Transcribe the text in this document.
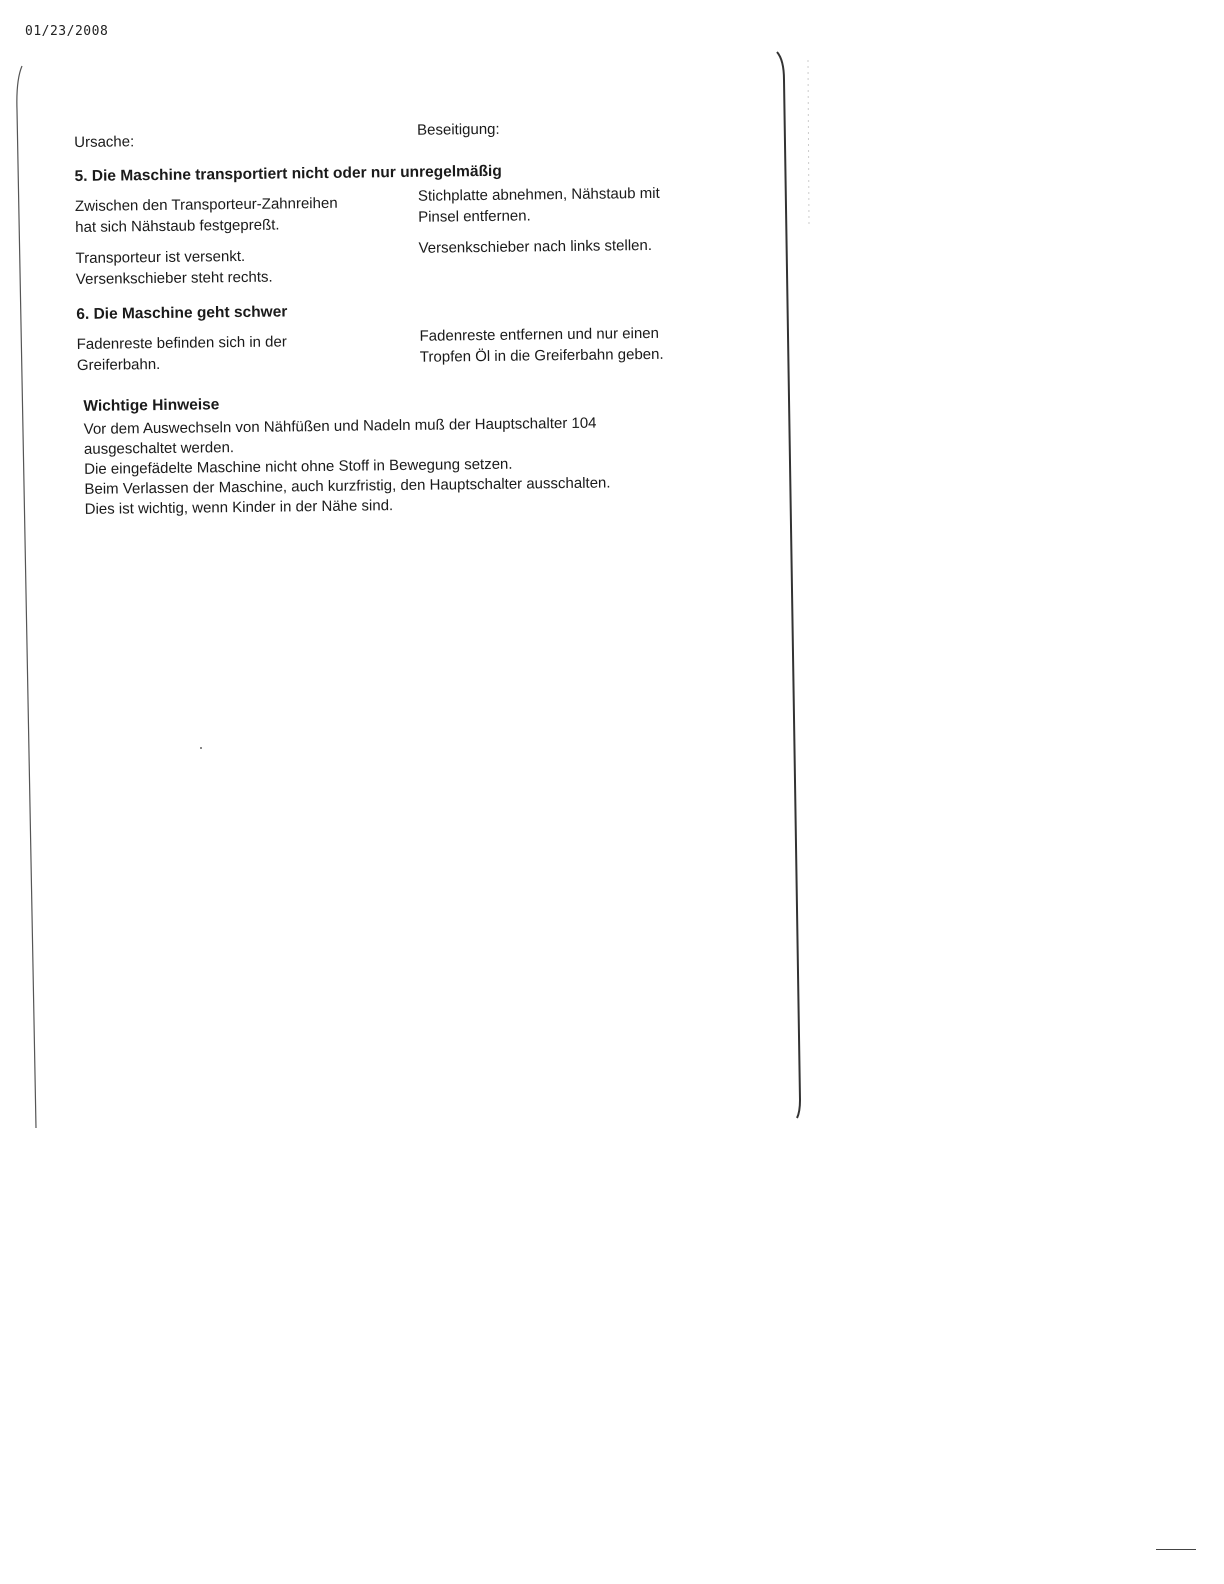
01/23/2008
Ursache:
Beseitigung:
5. Die Maschine transportiert nicht oder nur unregelmäßig
Zwischen den Transporteur-Zahnreihen
hat sich Nähstaub festgepreßt.
Stichplatte abnehmen, Nähstaub mit
Pinsel entfernen.
Transporteur ist versenkt.
Versenkschieber steht rechts.
Versenkschieber nach links stellen.
6. Die Maschine geht schwer
Fadenreste befinden sich in der
Greiferbahn.
Fadenreste entfernen und nur einen
Tropfen Öl in die Greiferbahn geben.
Wichtige Hinweise
Vor dem Auswechseln von Nähfüßen und Nadeln muß der Hauptschalter 104
ausgeschaltet werden.
Die eingefädelte Maschine nicht ohne Stoff in Bewegung setzen.
Beim Verlassen der Maschine, auch kurzfristig, den Hauptschalter ausschalten.
Dies ist wichtig, wenn Kinder in der Nähe sind.
